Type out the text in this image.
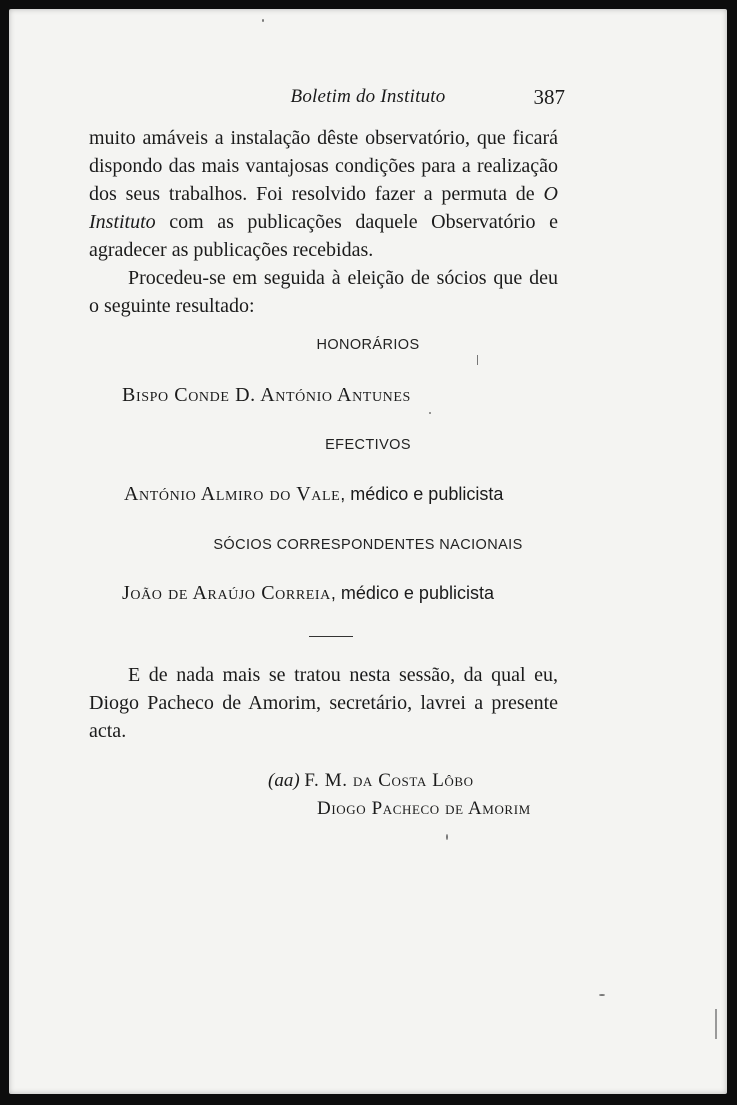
Boletim do Instituto	387

muito amáveis a instalação dêste observatório, que ficará dispondo das mais vantajosas condições para a realização dos seus trabalhos. Foi resolvido fazer a permuta de O Instituto com as publicações daquele Observatório e agradecer as publicações recebidas.

Procedeu-se em seguida à eleição de sócios que deu o seguinte resultado:

HONORÁRIOS
Bispo Conde D. António Antunes
EFECTIVOS
António Almiro do Vale, médico e publicista
SÓCIOS CORRESPONDENTES NACIONAIS
João de Araújo Correia, médico e publicista

E de nada mais se tratou nesta sessão, da qual eu, Diogo Pacheco de Amorim, secretário, lavrei a presente acta.

(aa) F. M. da Costa Lôbo
Diogo Pacheco de Amorim
